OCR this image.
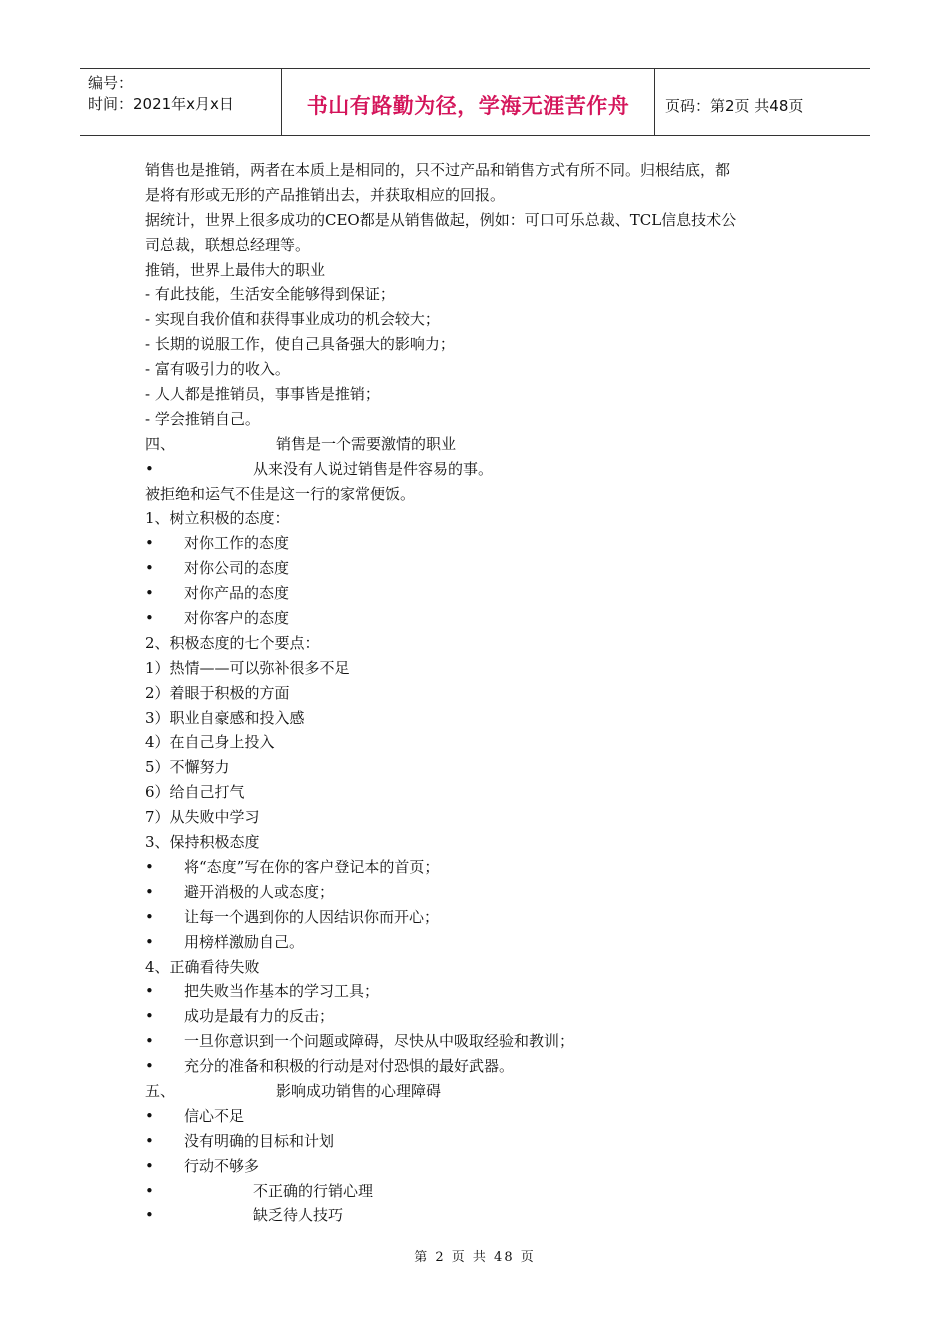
编号：
时间：2021年x月x日	书山有路勤为径，学海无涯苦作舟 页码：第2页 共48页
销售也是推销，两者在本质上是相同的，只不过产品和销售方式有所不同。归根结底，都
是将有形或无形的产品推销出去，并获取相应的回报。
据统计，世界上很多成功的CEO都是从销售做起，例如：可口可乐总裁、TCL信息技术公
司总裁，联想总经理等。
推销，世界上最伟大的职业
- 有此技能，生活安全能够得到保证；
- 实现自我价值和获得事业成功的机会较大；
- 长期的说服工作，使自己具备强大的影响力；
- 富有吸引力的收入。
- 人人都是推销员，事事皆是推销；
- 学会推销自己。
四、	销售是一个需要激情的职业
•	从来没有人说过销售是件容易的事。
被拒绝和运气不佳是这一行的家常便饭。
1、树立积极的态度：
•	对你工作的态度
•	对你公司的态度
•	对你产品的态度
•	对你客户的态度
2、积极态度的七个要点：
1）热情——可以弥补很多不足
2）着眼于积极的方面
3）职业自豪感和投入感
4）在自己身上投入
5）不懈努力
6）给自己打气
7）从失败中学习
3、保持积极态度
•	将“态度”写在你的客户登记本的首页；
•	避开消极的人或态度；
•	让每一个遇到你的人因结识你而开心；
•	用榜样激励自己。
4、正确看待失败
•	把失败当作基本的学习工具；
•	成功是最有力的反击；
•	一旦你意识到一个问题或障碍，尽快从中吸取经验和教训；
•	充分的准备和积极的行动是对付恐惧的最好武器。
五、	影响成功销售的心理障碍
•	信心不足
•	没有明确的目标和计划
•	行动不够多
•	不正确的行销心理
•	缺乏待人技巧
第 2 页 共 48 页
